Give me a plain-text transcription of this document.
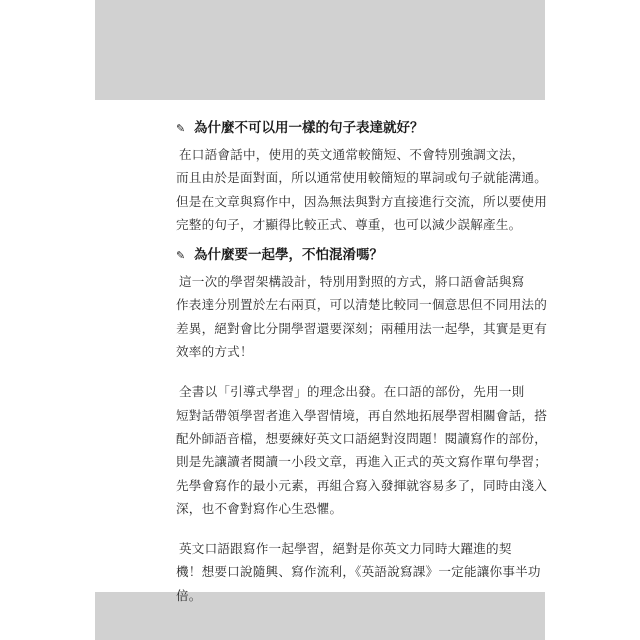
✎ 為什麼不可以用一樣的句子表達就好？
在口語會話中，使用的英文通常較簡短、不會特別強調文法，
而且由於是面對面，所以通常使用較簡短的單詞或句子就能溝通。
但是在文章與寫作中，因為無法與對方直接進行交流，所以要使用
完整的句子，才顯得比較正式、尊重，也可以減少誤解產生。
✎ 為什麼要一起學，不怕混淆嗎？
這一次的學習架構設計，特別用對照的方式，將口語會話與寫
作表達分別置於左右兩頁，可以清楚比較同一個意思但不同用法的
差異，絕對會比分開學習還要深刻；兩種用法一起學，其實是更有
效率的方式！
全書以「引導式學習」的理念出發。在口語的部份，先用一則
短對話帶領學習者進入學習情境，再自然地拓展學習相關會話，搭
配外師語音檔，想要練好英文口語絕對沒問題！閱讀寫作的部份，
則是先讓讀者閱讀一小段文章，再進入正式的英文寫作單句學習；
先學會寫作的最小元素，再組合寫入發揮就容易多了，同時由淺入
深，也不會對寫作心生恐懼。
英文口語跟寫作一起學習，絕對是你英文力同時大躍進的契
機！想要口說隨興、寫作流利，《英語說寫課》一定能讓你事半功
倍。
